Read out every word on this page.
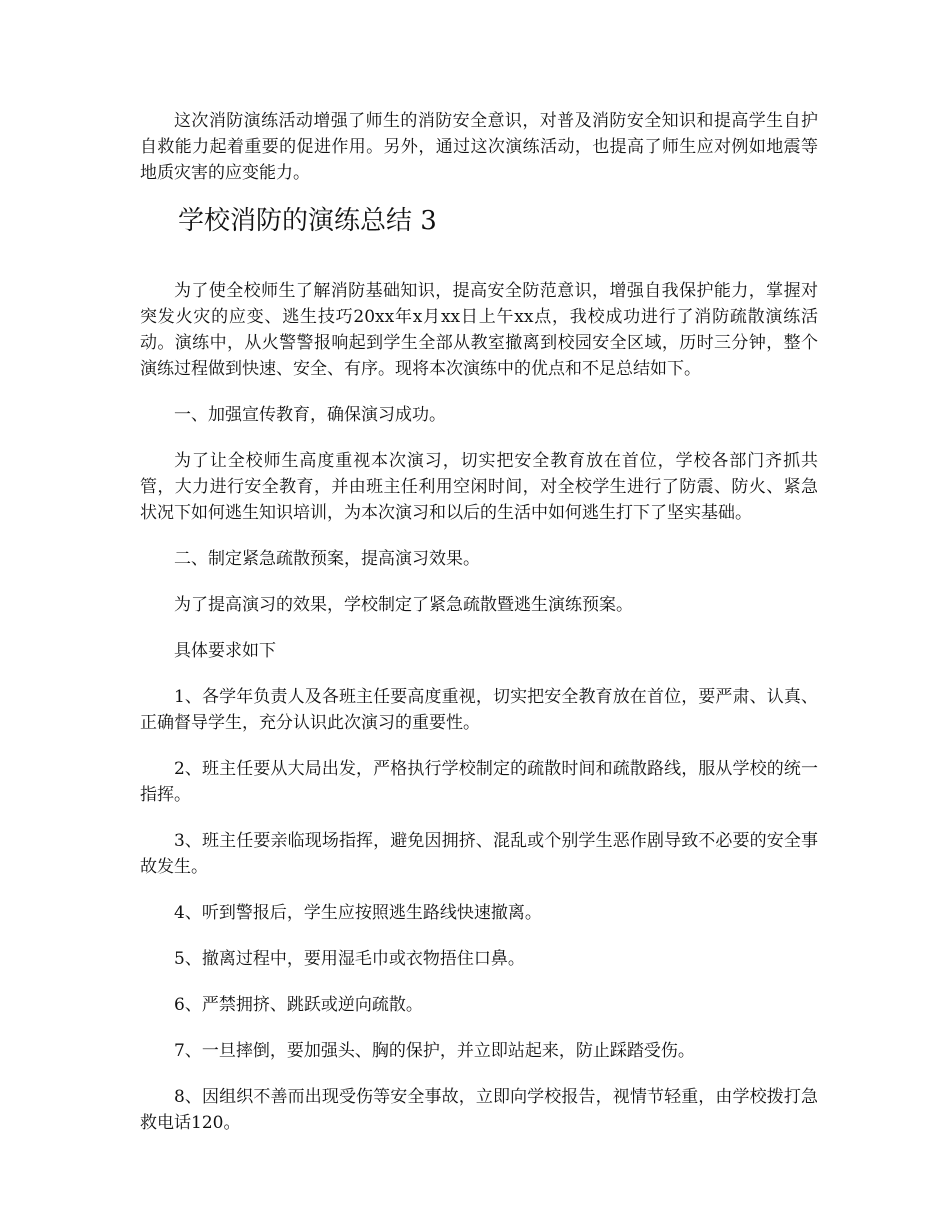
这次消防演练活动增强了师生的消防安全意识，对普及消防安全知识和提高学生自护自救能力起着重要的促进作用。另外，通过这次演练活动，也提高了师生应对例如地震等地质灾害的应变能力。

学校消防的演练总结 3

为了使全校师生了解消防基础知识，提高安全防范意识，增强自我保护能力，掌握对突发火灾的应变、逃生技巧20xx年x月xx日上午xx点，我校成功进行了消防疏散演练活动。演练中，从火警警报响起到学生全部从教室撤离到校园安全区域，历时三分钟，整个演练过程做到快速、安全、有序。现将本次演练中的优点和不足总结如下。

一、加强宣传教育，确保演习成功。

为了让全校师生高度重视本次演习，切实把安全教育放在首位，学校各部门齐抓共管，大力进行安全教育，并由班主任利用空闲时间，对全校学生进行了防震、防火、紧急状况下如何逃生知识培训，为本次演习和以后的生活中如何逃生打下了坚实基础。

二、制定紧急疏散预案，提高演习效果。

为了提高演习的效果，学校制定了紧急疏散暨逃生演练预案。

具体要求如下

1、各学年负责人及各班主任要高度重视，切实把安全教育放在首位，要严肃、认真、正确督导学生，充分认识此次演习的重要性。

2、班主任要从大局出发，严格执行学校制定的疏散时间和疏散路线，服从学校的统一指挥。

3、班主任要亲临现场指挥，避免因拥挤、混乱或个别学生恶作剧导致不必要的安全事故发生。

4、听到警报后，学生应按照逃生路线快速撤离。

5、撤离过程中，要用湿毛巾或衣物捂住口鼻。

6、严禁拥挤、跳跃或逆向疏散。

7、一旦摔倒，要加强头、胸的保护，并立即站起来，防止踩踏受伤。

8、因组织不善而出现受伤等安全事故，立即向学校报告，视情节轻重，由学校拨打急救电话120。
